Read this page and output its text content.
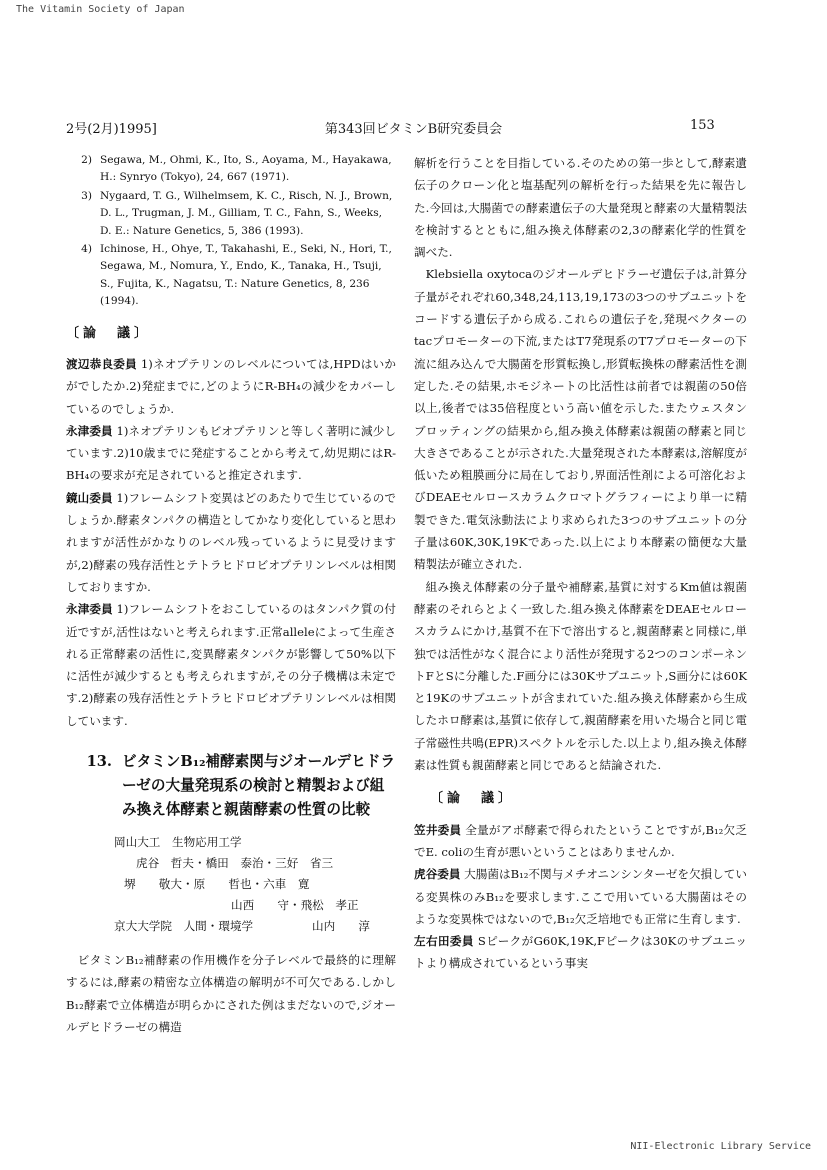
The Vitamin Society of Japan
2号(2月)1995]	第343回ビタミンB研究委員会	153
2) Segawa, M., Ohmi, K., Ito, S., Aoyama, M., Hayakawa, H.: Synryo (Tokyo), 24, 667 (1971).
3) Nygaard, T. G., Wilhelmsem, K. C., Risch, N. J., Brown, D. L., Trugman, J. M., Gilliam, T. C., Fahn, S., Weeks, D. E.: Nature Genetics, 5, 386 (1993).
4) Ichinose, H., Ohye, T., Takahashi, E., Seki, N., Hori, T., Segawa, M., Nomura, Y., Endo, K., Tanaka, H., Tsuji, S., Fujita, K., Nagatsu, T.: Nature Genetics, 8, 236 (1994).
〔論　議〕

渡辺恭良委員 1)ネオプテリンのレベルについては,HPDはいかがでしたか.2)発症までに,どのようにR-BH₄の減少をカバーしているのでしょうか.

永津委員 1)ネオプテリンもビオプテリンと等しく著明に減少しています.2)10歳までに発症することから考えて,幼児期にはR-BH₄の要求が充足されていると推定されます.

鏡山委員 1)フレームシフト変異はどのあたりで生じているのでしょうか.酵素タンパクの構造としてかなり変化していると思われますが活性がかなりのレベル残っているように見受けますが,2)酵素の残存活性とテトラヒドロビオプテリンレベルは相関しておりますか.

永津委員 1)フレームシフトをおこしているのはタンパク質の付近ですが,活性はないと考えられます.正常alleleによって生産される正常酵素の活性に,変異酵素タンパクが影響して50%以下に活性が減少するとも考えられますが,その分子機構は未定です.2)酵素の残存活性とテトラヒドロビオプテリンレベルは相関しています.

13. ビタミンB₁₂補酵素関与ジオールデヒドラーゼの大量発現系の検討と精製および組み換え体酵素と親菌酵素の性質の比較
岡山大工　生物応用工学
虎谷　哲夫・橋田　泰治・三好　省三
堺　　敬大・原　　哲也・六車　寛
山西　　守・飛松　孝正
京大大学院　人間・環境学	山内　　淳

ビタミンB₁₂補酵素の作用機作を分子レベルで最終的に理解するには,酵素の精密な立体構造の解明が不可欠である.しかしB₁₂酵素で立体構造が明らかにされた例はまだないので,ジオールデヒドラーゼの構造

解析を行うことを目指している.そのための第一歩として,酵素遺伝子のクローン化と塩基配列の解析を行った結果を先に報告した.今回は,大腸菌での酵素遺伝子の大量発現と酵素の大量精製法を検討するとともに,組み換え体酵素の2,3の酵素化学的性質を調べた.

Klebsiella oxytocaのジオールデヒドラーゼ遺伝子は,計算分子量がそれぞれ60,348,24,113,19,173の3つのサブユニットをコードする遺伝子から成る.これらの遺伝子を,発現ベクターのtacプロモーターの下流,またはT7発現系のT7プロモーターの下流に組み込んで大腸菌を形質転換し,形質転換株の酵素活性を測定した.その結果,ホモジネートの比活性は前者では親菌の50倍以上,後者では35倍程度という高い値を示した.またウェスタンブロッティングの結果から,組み換え体酵素は親菌の酵素と同じ大きさであることが示された.大量発現された本酵素は,溶解度が低いため粗膜画分に局在しており,界面活性剤による可溶化およびDEAEセルロースカラムクロマトグラフィーにより単一に精製できた.電気泳動法により求められた3つのサブユニットの分子量は60K,30K,19Kであった.以上により本酵素の簡便な大量精製法が確立された.

組み換え体酵素の分子量や補酵素,基質に対するKm値は親菌酵素のそれらとよく一致した.組み換え体酵素をDEAEセルロースカラムにかけ,基質不在下で溶出すると,親菌酵素と同様に,単独では活性がなく混合により活性が発現する2つのコンポーネントFとSに分離した.F画分には30Kサブユニット,S画分には60Kと19Kのサブユニットが含まれていた.組み換え体酵素から生成したホロ酵素は,基質に依存して,親菌酵素を用いた場合と同じ電子常磁性共鳴(EPR)スペクトルを示した.以上より,組み換え体酵素は性質も親菌酵素と同じであると結論された.

〔論　議〕

笠井委員 全量がアポ酵素で得られたということですが,B₁₂欠乏でE. coliの生育が悪いということはありませんか.

虎谷委員 大腸菌はB₁₂不関与メチオニンシンターゼを欠損している変異株のみB₁₂を要求します.ここで用いている大腸菌はそのような変異株ではないので,B₁₂欠乏培地でも正常に生育します.

左右田委員 SピークがG60K,19K,Fピークは30Kのサブユニットより構成されているという事実

NII-Electronic Library Service
